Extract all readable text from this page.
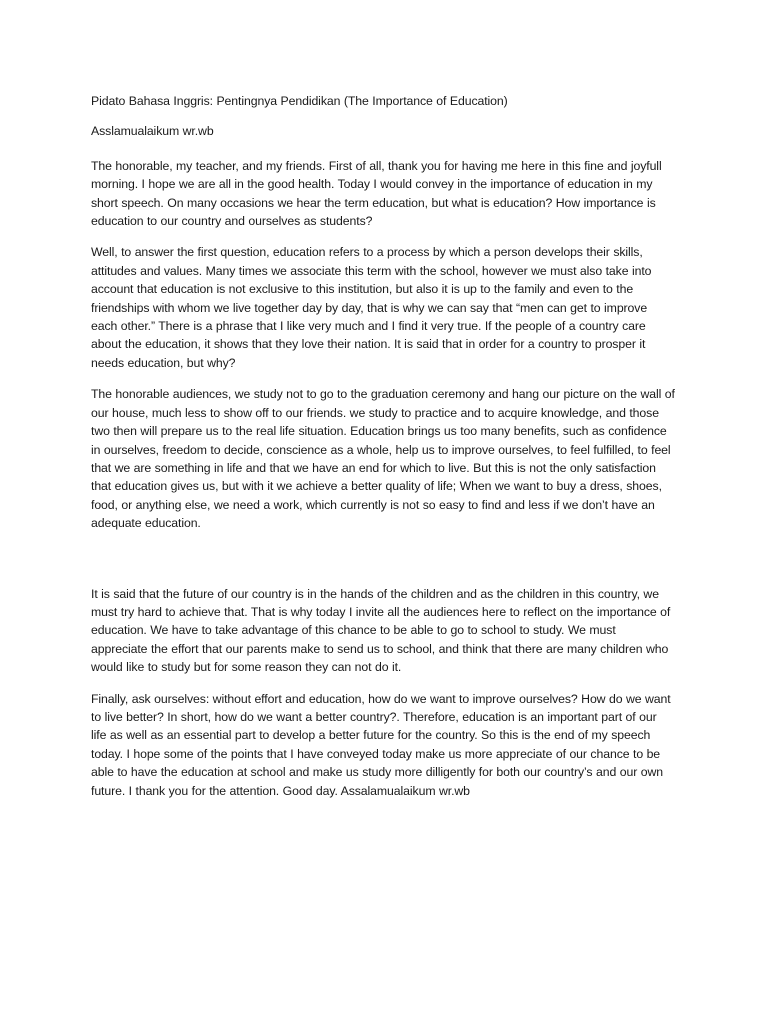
Pidato Bahasa Inggris: Pentingnya Pendidikan (The Importance of Education)

Asslamualaikum wr.wb

The honorable, my teacher, and my friends. First of all, thank you for having me here in this fine and joyfull morning. I hope we are all in the good health. Today I would convey in the importance of education in my short speech. On many occasions we hear the term education, but what is education? How importance is education to our country and ourselves as students?

Well, to answer the first question, education refers to a process by which a person develops their skills, attitudes and values. Many times we associate this term with the school, however we must also take into account that education is not exclusive to this institution, but also it is up to the family and even to the friendships with whom we live together day by day, that is why we can say that “men can get to improve each other.” There is a phrase that I like very much and I find it very true. If the people of a country care about the education, it shows that they love their nation. It is said that in order for a country to prosper it needs education, but why?

The honorable audiences, we study not to go to the graduation ceremony and hang our picture on the wall of our house, much less to show off to our friends. we study to practice and to acquire knowledge, and those two then will prepare us to the real life situation. Education brings us too many benefits, such as confidence in ourselves, freedom to decide, conscience as a whole, help us to improve ourselves, to feel fulfilled, to feel that we are something in life and that we have an end for which to live. But this is not the only satisfaction that education gives us, but with it we achieve a better quality of life; When we want to buy a dress, shoes, food, or anything else, we need a work, which currently is not so easy to find and less if we don’t have an adequate education.

It is said that the future of our country is in the hands of the children and as the children in this country, we must try hard to achieve that. That is why today I invite all the audiences here to reflect on the importance of education. We have to take advantage of this chance to be able to go to school to study. We must appreciate the effort that our parents make to send us to school, and think that there are many children who would like to study but for some reason they can not do it.

Finally, ask ourselves: without effort and education, how do we want to improve ourselves? How do we want to live better? In short, how do we want a better country?. Therefore, education is an important part of our life as well as an essential part to develop a better future for the country. So this is the end of my speech today. I hope some of the points that I have conveyed today make us more appreciate of our chance to be able to have the education at school and make us study more dilligently for both our country’s and our own future. I thank you for the attention. Good day. Assalamualaikum wr.wb
